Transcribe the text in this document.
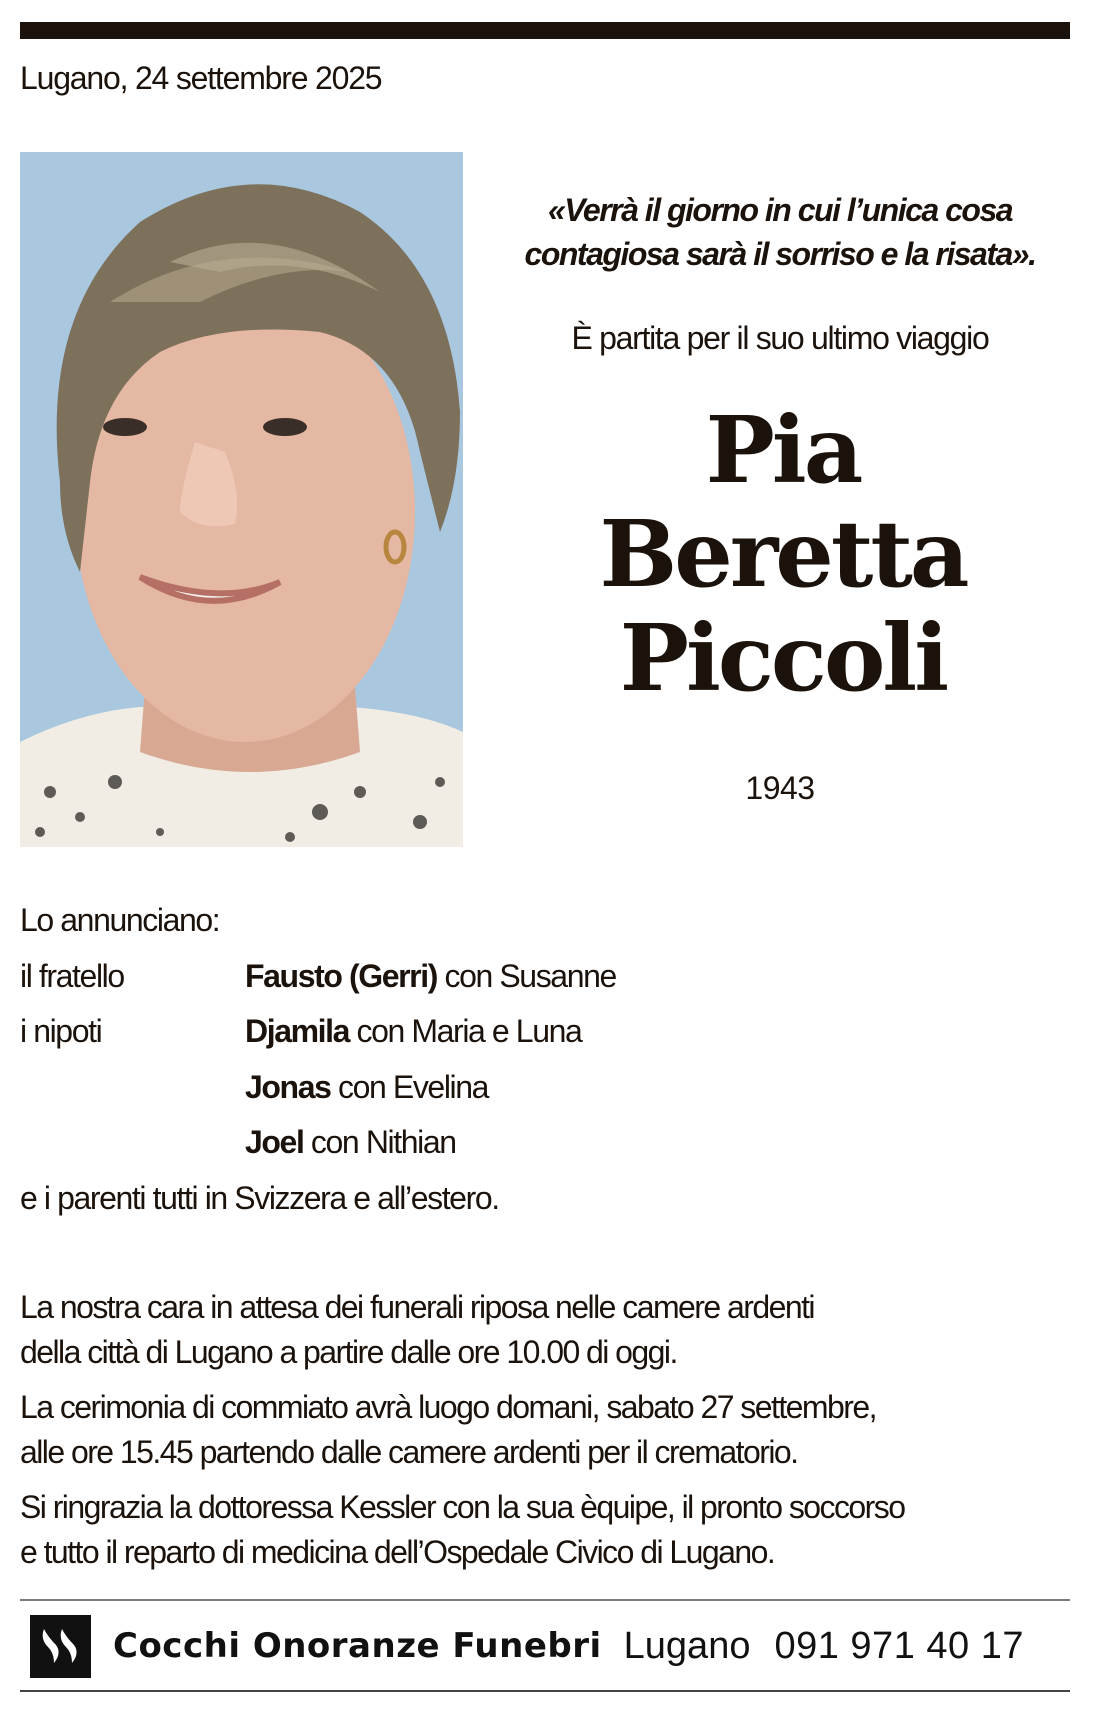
Lugano, 24 settembre 2025
«Verrà il giorno in cui l’unica cosa
contagiosa sarà il sorriso e la risata».
È partita per il suo ultimo viaggio
Pia
Beretta
Piccoli
1943
Lo annunciano:
il fratello	Fausto (Gerri) con Susanne
i nipoti	Djamila con Maria e Luna
Jonas con Evelina
Joel con Nithian
e i parenti tutti in Svizzera e all’estero.

La nostra cara in attesa dei funerali riposa nelle camere ardenti
della città di Lugano a partire dalle ore 10.00 di oggi.

La cerimonia di commiato avrà luogo domani, sabato 27 settembre,
alle ore 15.45 partendo dalle camere ardenti per il crematorio.

Si ringrazia la dottoressa Kessler con la sua èquipe, il pronto soccorso
e tutto il reparto di medicina dell’Ospedale Civico di Lugano.

Cocchi Onoranze Funebri Lugano 091 971 40 17
